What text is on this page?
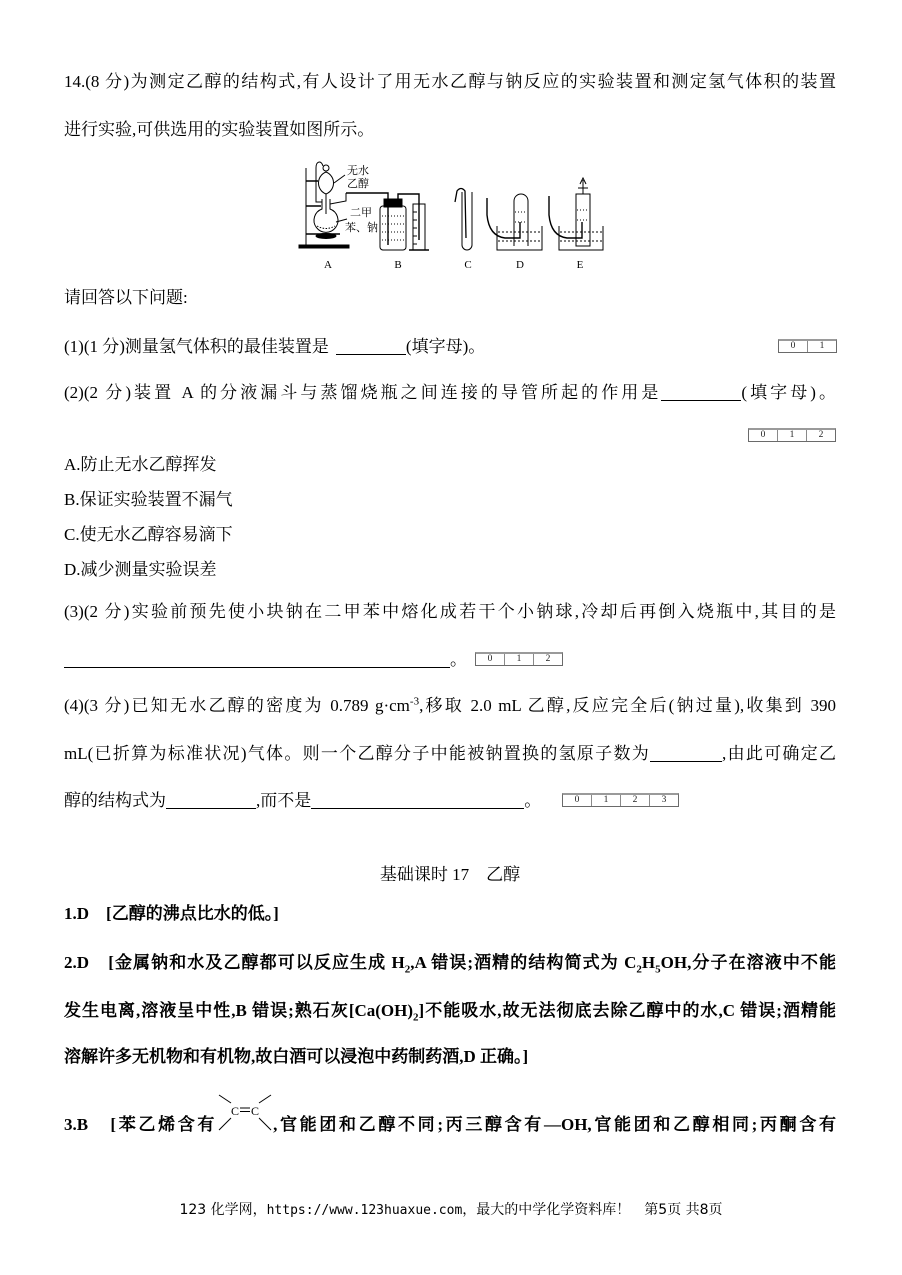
14.(8 分)为测定乙醇的结构式,有人设计了用无水乙醇与钠反应的实验装置和测定氢气体积的装置
进行实验,可供选用的实验装置如图所示。
无水
乙醇
二甲
苯、钠
A	B	C	D	E
请回答以下问题:
(1)(1 分)测量氢气体积的最佳装置是	(填字母)。	0	1
(2)(2 分)装置 A 的分液漏斗与蒸馏烧瓶之间连接的导管所起的作用是	(填字母)。
0	1	2
A.防止无水乙醇挥发
B.保证实验装置不漏气
C.使无水乙醇容易滴下
D.减少测量实验误差
(3)(2 分)实验前预先使小块钠在二甲苯中熔化成若干个小钠球,冷却后再倒入烧瓶中,其目的是
。	0	1	2
(4)(3 分)已知无水乙醇的密度为 0.789 $g\cdot cm^{-3}$,移取 2.0 mL 乙醇,反应完全后(钠过量),收集到 390
mL(已折算为标准状况)气体。则一个乙醇分子中能被钠置换的氢原子数为	,由此可确定乙
醇的结构式为	,而不是	。	0	1	2	3
基础课时 17　乙醇
1.D　[乙醇的沸点比水的低。]
2.D　[金属钠和水及乙醇都可以反应生成 $H_2,A$ 错误;酒精的结构简式为 $C_2H_5OH$,分子在溶液中不能
发生电离,溶液呈中性,B 错误;熟石灰$[Ca(OH)_2]$不能吸水,故无法彻底去除乙醇中的水,C 错误;酒精能
溶解许多无机物和有机物,故白酒可以浸泡中药制药酒,D 正确。]
3.B　[苯乙烯含有
C C
,官能团和乙醇不同;丙三醇含有—OH,官能团和乙醇相同;丙酮含有
123 化学网，https://www.123huaxue.com，最大的中学化学资料库！ 第5页 共8页
